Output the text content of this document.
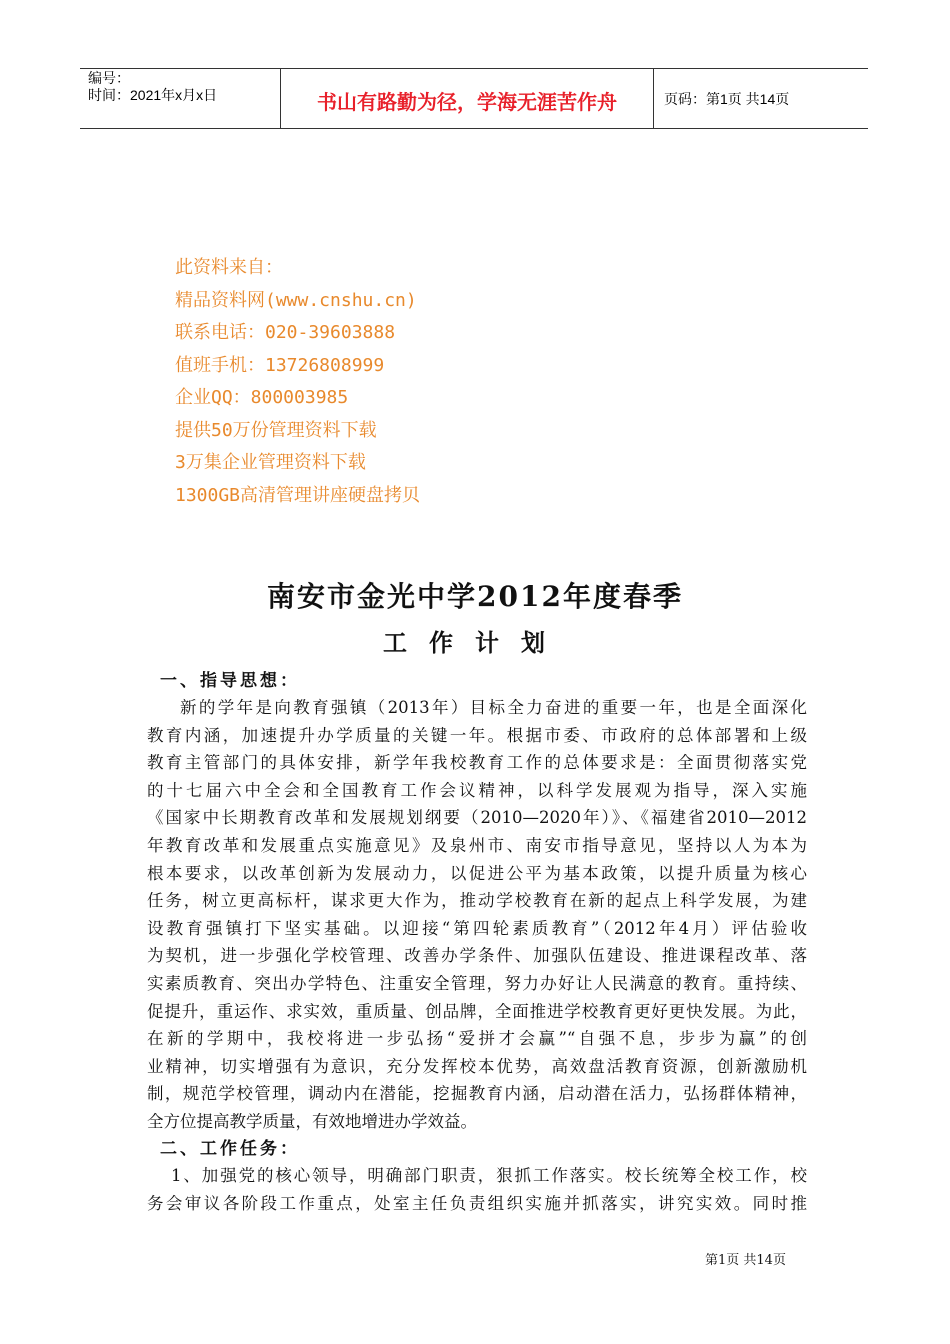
编号：
时间：2021年x月x日	书山有路勤为径，学海无涯苦作舟	页码：第1页 共14页
此资料来自：
精品资料网(www.cnshu.cn)
联系电话：020-39603888
值班手机：13726808999
企业QQ：800003985
提供50万份管理资料下载
3万集企业管理资料下载
1300GB高清管理讲座硬盘拷贝
南安市金光中学2012年度春季
工作计划
一、指导思想：
新的学年是向教育强镇（2013年）目标全力奋进的重要一年，也是全面深化
教育内涵，加速提升办学质量的关键一年。根据市委、市政府的总体部署和上级
教育主管部门的具体安排，新学年我校教育工作的总体要求是：全面贯彻落实党
的十七届六中全会和全国教育工作会议精神，以科学发展观为指导，深入实施
《国家中长期教育改革和发展规划纲要（2010—2020年）》、《福建省2010—2012
年教育改革和发展重点实施意见》及泉州市、南安市指导意见，坚持以人为本为
根本要求，以改革创新为发展动力，以促进公平为基本政策，以提升质量为核心
任务，树立更高标杆，谋求更大作为，推动学校教育在新的起点上科学发展，为建
设教育强镇打下坚实基础。以迎接“第四轮素质教育”（2012年4月）评估验收
为契机，进一步强化学校管理、改善办学条件、加强队伍建设、推进课程改革、落
实素质教育、突出办学特色、注重安全管理，努力办好让人民满意的教育。重持续、
促提升，重运作、求实效，重质量、创品牌，全面推进学校教育更好更快发展。为此，
在新的学期中，我校将进一步弘扬“爱拼才会赢”“自强不息，步步为赢”的创
业精神，切实增强有为意识，充分发挥校本优势，高效盘活教育资源，创新激励机
制，规范学校管理，调动内在潜能，挖掘教育内涵，启动潜在活力，弘扬群体精神，
全方位提高教学质量，有效地增进办学效益。
二、工作任务：
1、加强党的核心领导，明确部门职责，狠抓工作落实。校长统筹全校工作，校
务会审议各阶段工作重点，处室主任负责组织实施并抓落实，讲究实效。同时推
第1页 共14页
